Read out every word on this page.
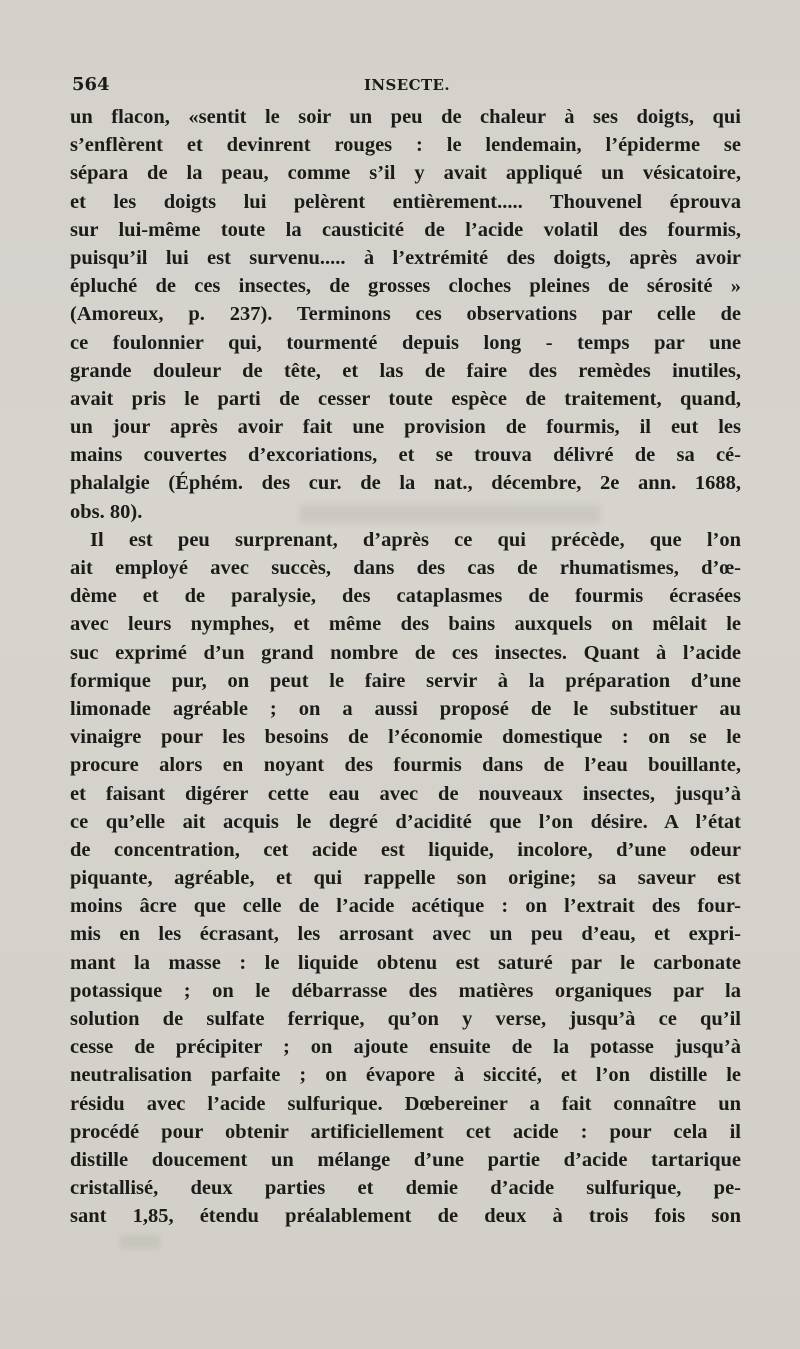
564	INSECTE.
un flacon, «sentit le soir un peu de chaleur à ses doigts, qui
s’enflèrent et devinrent rouges : le lendemain, l’épiderme se
sépara de la peau, comme s’il y avait appliqué un vésicatoire,
et les doigts lui pelèrent entièrement..... Thouvenel éprouva
sur lui-même toute la causticité de l’acide volatil des fourmis,
puisqu’il lui est survenu..... à l’extrémité des doigts, après avoir
épluché de ces insectes, de grosses cloches pleines de sérosité »
(Amoreux, p. 237). Terminons ces observations par celle de
ce foulonnier qui, tourmenté depuis long - temps par une
grande douleur de tête, et las de faire des remèdes inutiles,
avait pris le parti de cesser toute espèce de traitement, quand,
un jour après avoir fait une provision de fourmis, il eut les
mains couvertes d’excoriations, et se trouva délivré de sa cé-
phalalgie (Éphém. des cur. de la nat., décembre, 2e ann. 1688,
obs. 80).
Il est peu surprenant, d’après ce qui précède, que l’on
ait employé avec succès, dans des cas de rhumatismes, d’œ-
dème et de paralysie, des cataplasmes de fourmis écrasées
avec leurs nymphes, et même des bains auxquels on mêlait le
suc exprimé d’un grand nombre de ces insectes. Quant à l’acide
formique pur, on peut le faire servir à la préparation d’une
limonade agréable ; on a aussi proposé de le substituer au
vinaigre pour les besoins de l’économie domestique : on se le
procure alors en noyant des fourmis dans de l’eau bouillante,
et faisant digérer cette eau avec de nouveaux insectes, jusqu’à
ce qu’elle ait acquis le degré d’acidité que l’on désire. A l’état
de concentration, cet acide est liquide, incolore, d’une odeur
piquante, agréable, et qui rappelle son origine; sa saveur est
moins âcre que celle de l’acide acétique : on l’extrait des four-
mis en les écrasant, les arrosant avec un peu d’eau, et expri-
mant la masse : le liquide obtenu est saturé par le carbonate
potassique ; on le débarrasse des matières organiques par la
solution de sulfate ferrique, qu’on y verse, jusqu’à ce qu’il
cesse de précipiter ; on ajoute ensuite de la potasse jusqu’à
neutralisation parfaite ; on évapore à siccité, et l’on distille le
résidu avec l’acide sulfurique. Dœbereiner a fait connaître un
procédé pour obtenir artificiellement cet acide : pour cela il
distille doucement un mélange d’une partie d’acide tartarique
cristallisé, deux parties et demie d’acide sulfurique, pe-
sant 1,85, étendu préalablement de deux à trois fois son
